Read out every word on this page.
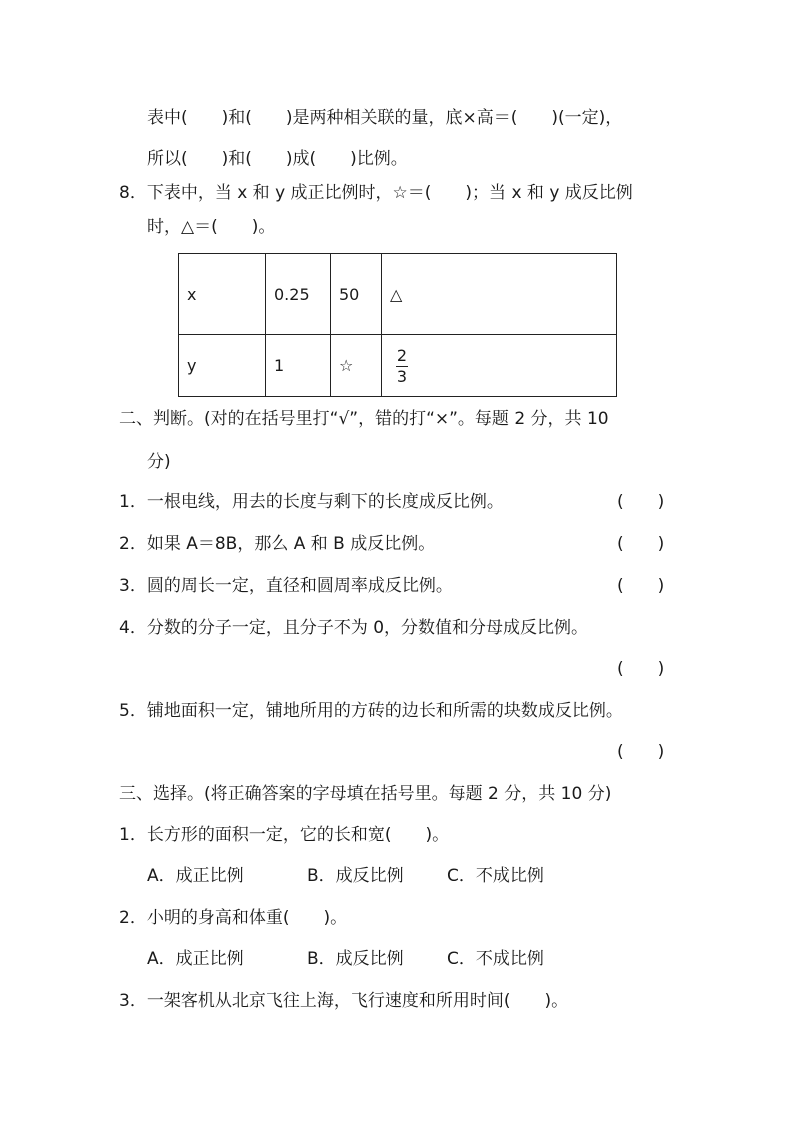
表中(　　)和(　　)是两种相关联的量，底×高＝(　　)(一定)，
所以(　　)和(　　)成(　　)比例。
8．下表中，当 x 和 y 成正比例时，☆＝(　　)；当 x 和 y 成反比例
时，△＝(　　)。
x	0.25	50	△
y	1	☆	$\frac{2}{3}$
二、判断。(对的在括号里打“√”，错的打“×”。每题 2 分，共 10
分)
1．一根电线，用去的长度与剩下的长度成反比例。	(　　)
2．如果 A＝8B，那么 A 和 B 成反比例。	(　　)
3．圆的周长一定，直径和圆周率成反比例。	(　　)
4．分数的分子一定，且分子不为 0，分数值和分母成反比例。
(　　)
5．铺地面积一定，铺地所用的方砖的边长和所需的块数成反比例。
(　　)
三、选择。(将正确答案的字母填在括号里。每题 2 分，共 10 分)
1．长方形的面积一定，它的长和宽(　　)。
A．成正比例	B．成反比例	C．不成比例
2．小明的身高和体重(　　)。
A．成正比例	B．成反比例	C．不成比例
3．一架客机从北京飞往上海，飞行速度和所用时间(　　)。
